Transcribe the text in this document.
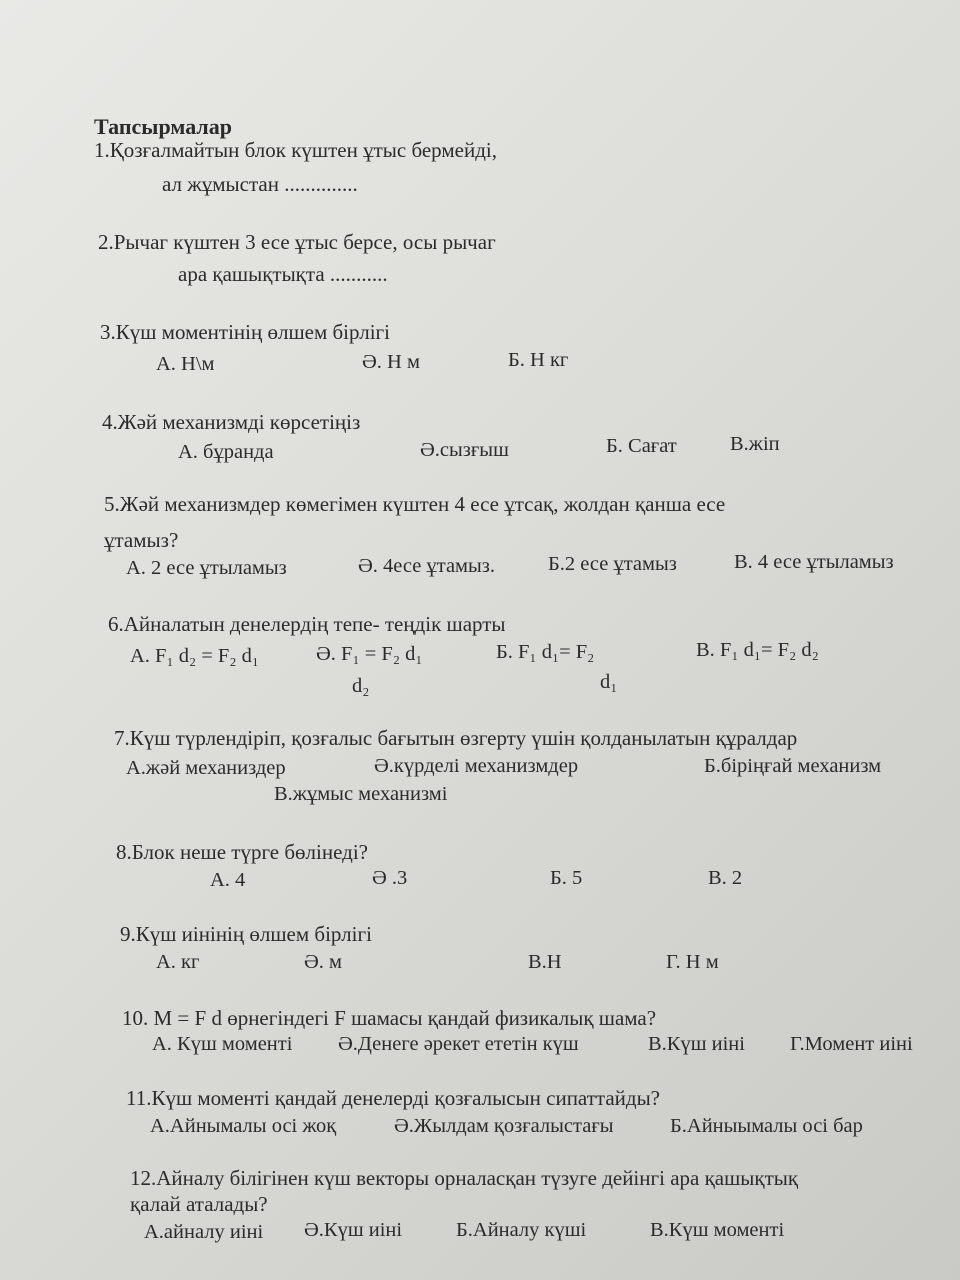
Тапсырмалар
1.Қозғалмайтын блок күштен ұтыс бермейді,
ал жұмыстан ..............
2.Рычаг күштен 3 есе ұтыс берсе, осы рычаг
ара қашықтықта ...........
3.Күш моментінің өлшем бірлігі
А. Н\м	Ә. Н м	Б. Н кг
4.Жәй механизмді көрсетіңіз
А. бұранда	Ә.сызғыш	Б. Сағат	В.жіп
5.Жәй механизмдер көмегімен күштен 4 есе ұтсақ, жолдан қанша есе
ұтамыз?
А. 2 есе ұтыламыз	Ә. 4есе ұтамыз.	Б.2 есе ұтамыз	В. 4 есе ұтыламыз
6.Айналатын денелердің тепе- теңдік шарты
А. F₁ d₂ = F₂ d₁	Ә. F₁ = F₂ d₁
d₂
Б. F₁ d₁= F₂
d₁
В. F₁ d₁= F₂ d₂
7.Күш түрлендіріп, қозғалыс бағытын өзгерту үшін қолданылатын құралдар
А.жәй механиздер	Ә.күрделі механизмдер	Б.біріңғай механизм
В.жұмыс механизмі
8.Блок неше түрге бөлінеді?
А. 4	Ә .3	Б. 5	В. 2
9.Күш иінінің өлшем бірлігі
А. кг	Ә. м	В.Н	Г. Н м
10. M = F d өрнегіндегі F шамасы қандай физикалық шама?
А. Күш моменті Ә.Денеге әрекет ететін күш	В.Күш иіні Г.Момент иіні
11.Күш моменті қандай денелерді қозғалысын сипаттайды?
А.Айнымалы осі жоқ	Ә.Жылдам қозғалыстағы	Б.Айныымалы осі бар
12.Айналу білігінен күш векторы орналасқан түзуге дейінгі ара қашықтық
қалай аталады?
А.айналу иіні Ә.Күш иіні	Б.Айналу күші	В.Күш моменті
